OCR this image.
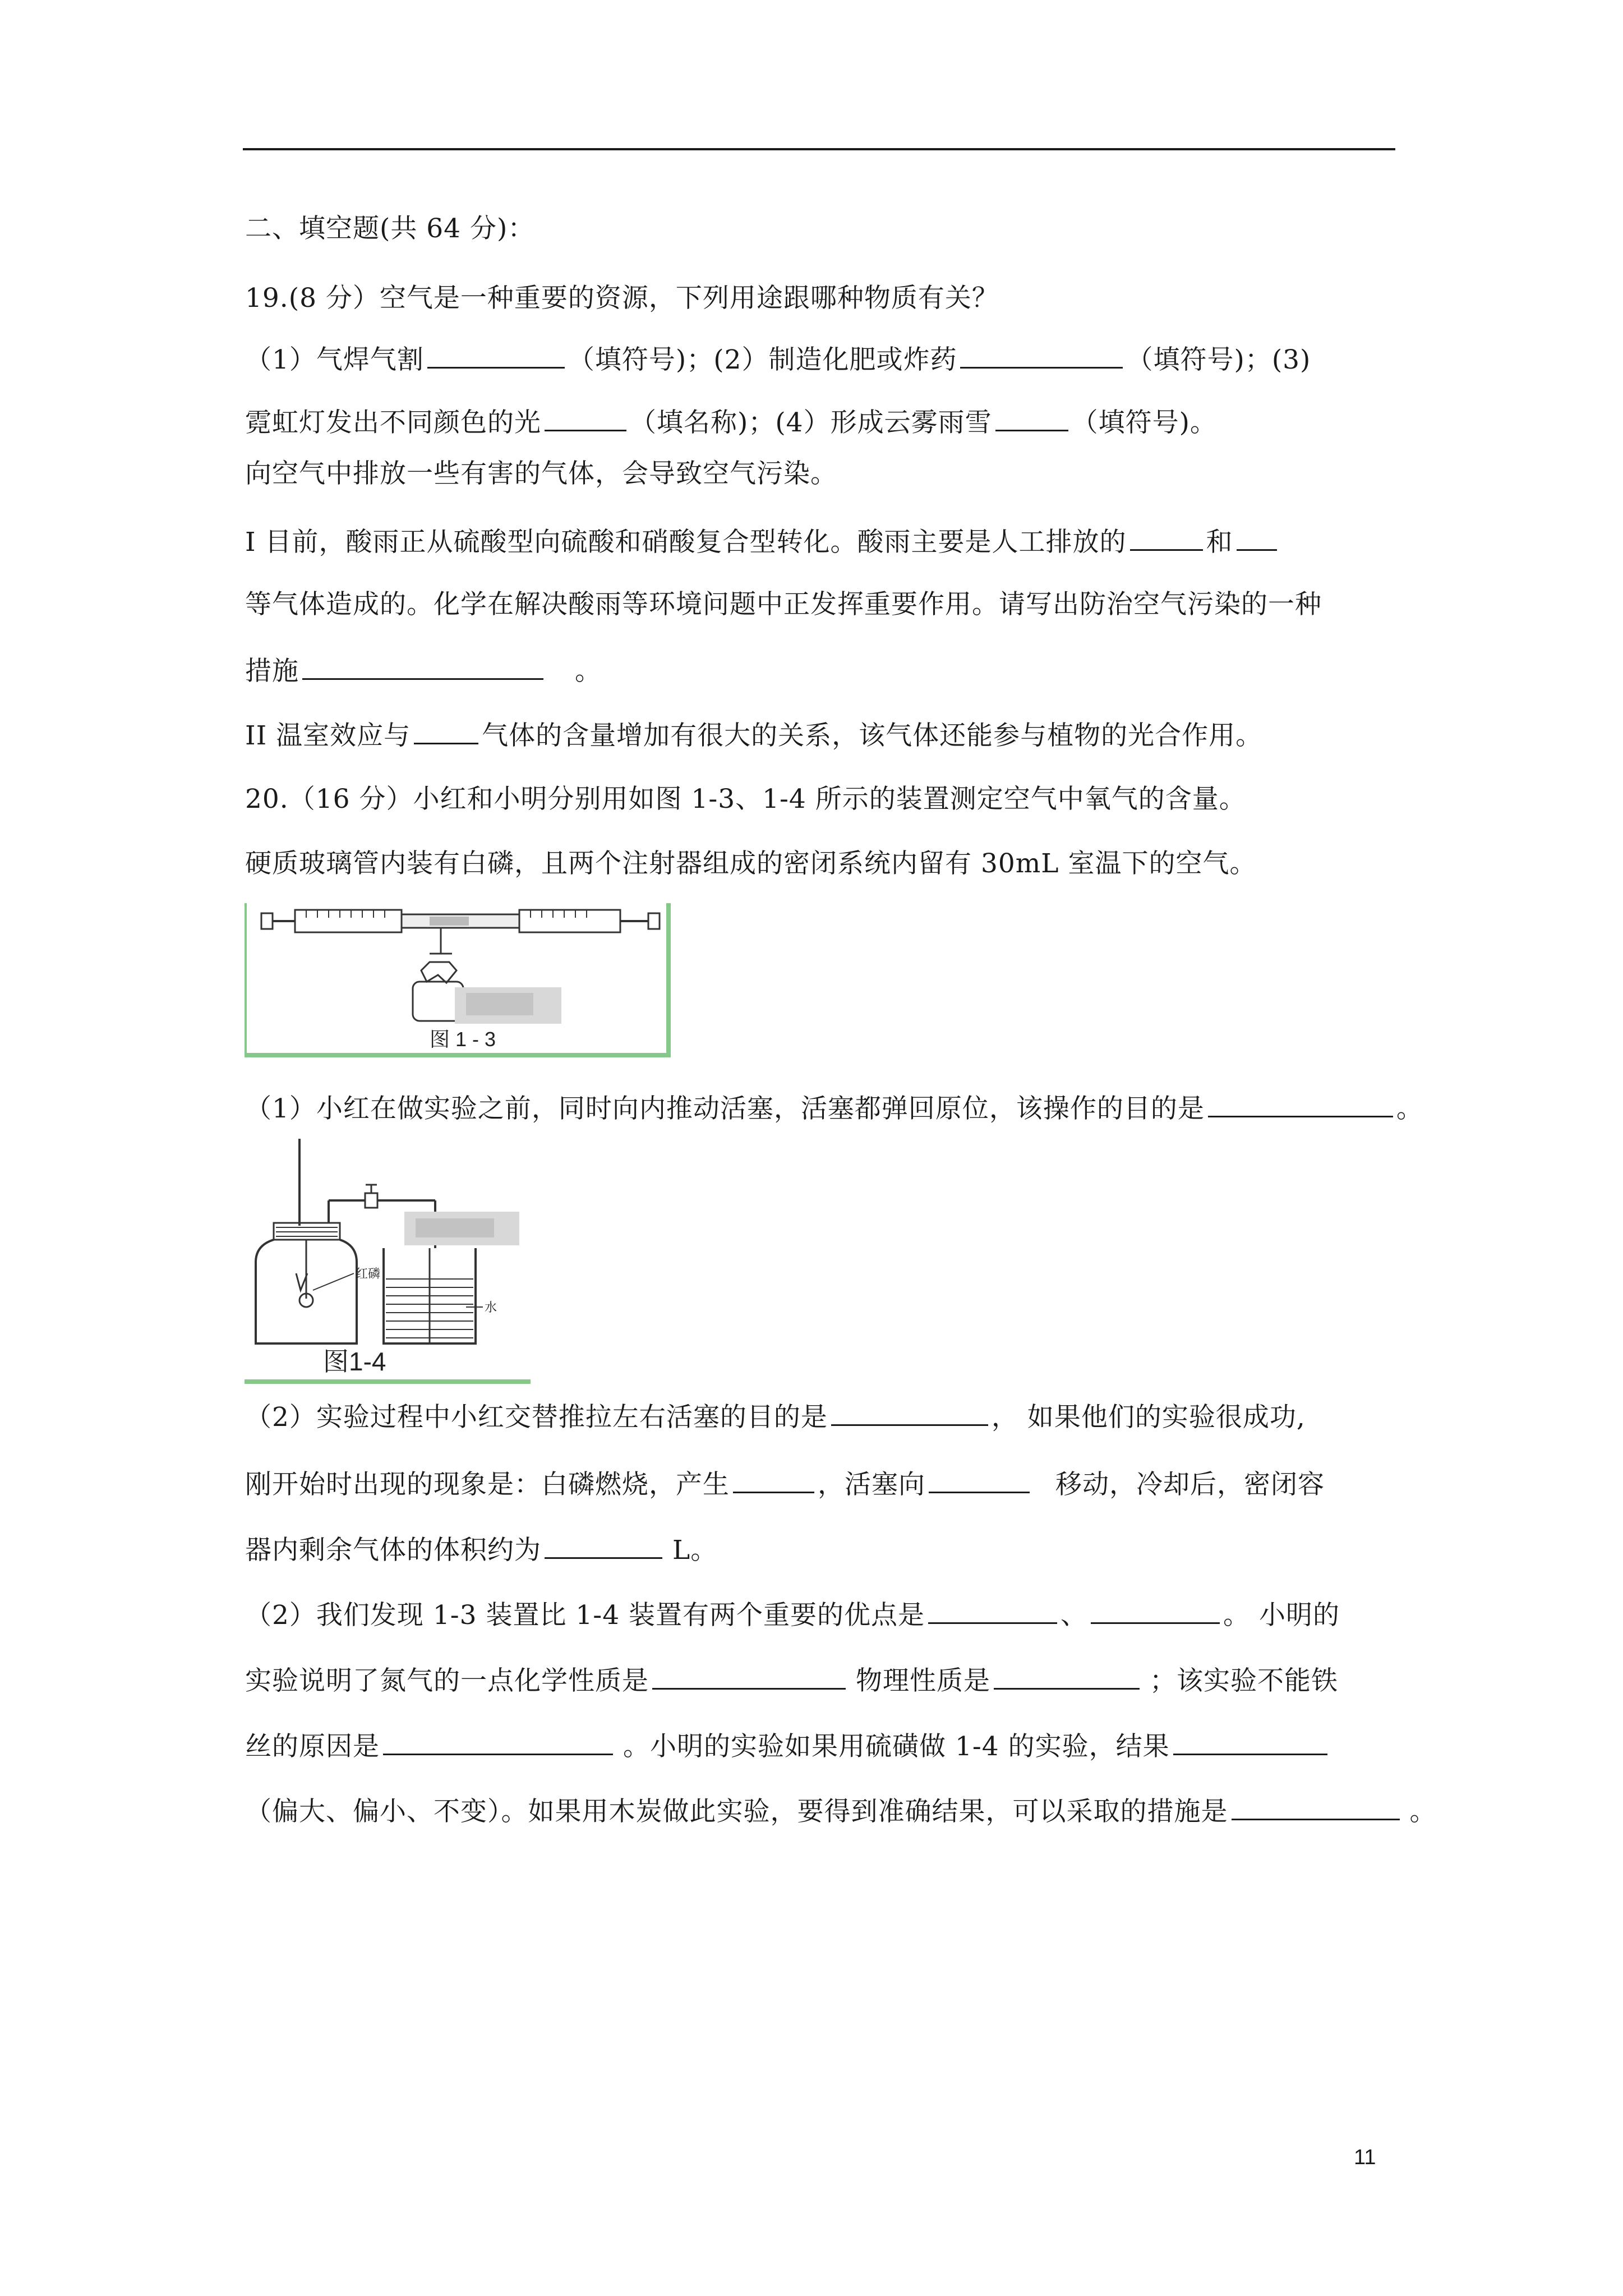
二、填空题(共 64 分)：
19.(8 分）空气是一种重要的资源，下列用途跟哪种物质有关？
（1）气焊气割	（填符号)；(2）制造化肥或炸药	（填符号)；(3)
霓虹灯发出不同颜色的光	（填名称)；(4）形成云雾雨雪	（填符号)。
向空气中排放一些有害的气体，会导致空气污染。
I 目前，酸雨正从硫酸型向硫酸和硝酸复合型转化。酸雨主要是人工排放的	和
等气体造成的。化学在解决酸雨等环境问题中正发挥重要作用。请写出防治空气污染的一种
措施	。
II 温室效应与	气体的含量增加有很大的关系，该气体还能参与植物的光合作用。
20.（16 分）小红和小明分别用如图 1-3、1-4 所示的装置测定空气中氧气的含量。
硬质玻璃管内装有白磷，且两个注射器组成的密闭系统内留有 30mL 室温下的空气。
图 1 - 3
（1）小红在做实验之前，同时向内推动活塞，活塞都弹回原位，该操作的目的是	。
红磷
水
图1-4
（2）实验过程中小红交替推拉左右活塞的目的是	， 如果他们的实验很成功,
刚开始时出现的现象是：白磷燃烧，产生	，活塞向	移动，冷却后，密闭容
器内剩余气体的体积约为	L。
（2）我们发现 1-3 装置比 1-4 装置有两个重要的优点是	、	。 小明的
实验说明了氮气的一点化学性质是	物理性质是	；该实验不能铁
丝的原因是	。小明的实验如果用硫磺做 1-4 的实验，结果
（偏大、偏小、不变）。如果用木炭做此实验，要得到准确结果，可以采取的措施是	。
11
